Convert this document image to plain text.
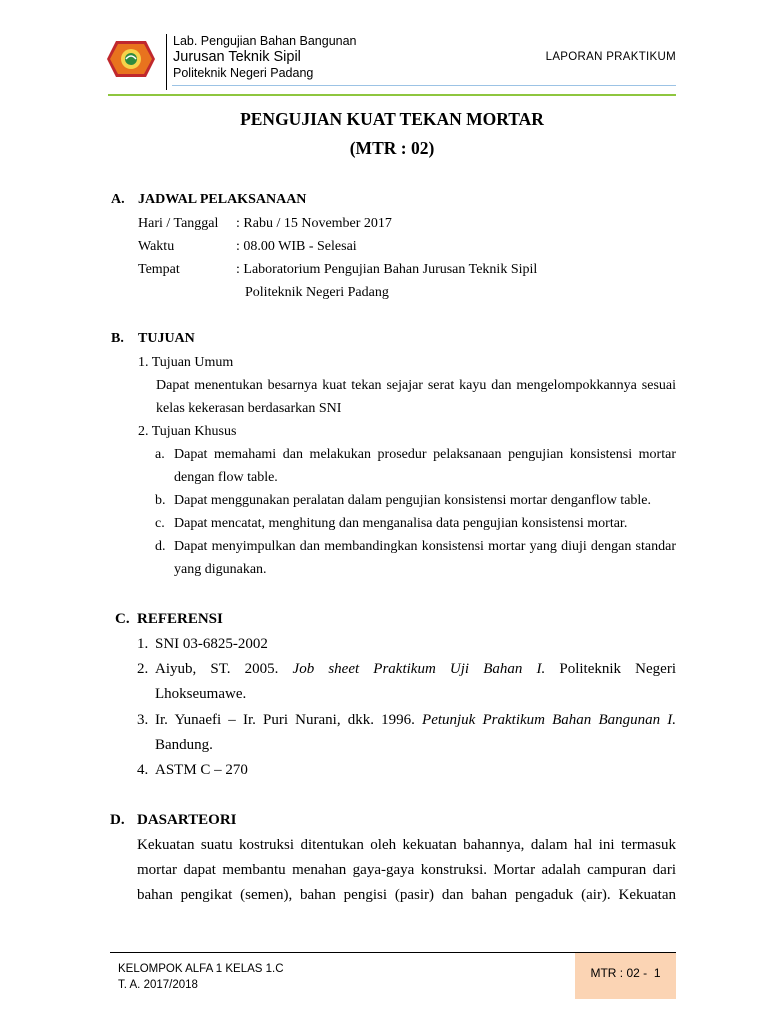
Lab. Pengujian Bahan Bangunan
Jurusan Teknik Sipil
Politeknik Negeri Padang
LAPORAN PRAKTIKUM
PENGUJIAN KUAT TEKAN MORTAR
(MTR : 02)
A. JADWAL PELAKSANAAN
Hari / Tanggal : Rabu / 15 November 2017
Waktu	: 08.00 WIB - Selesai
Tempat	: Laboratorium Pengujian Bahan Jurusan Teknik Sipil
Politeknik Negeri Padang
B. TUJUAN
1. Tujuan Umum
Dapat menentukan besarnya kuat tekan sejajar serat kayu dan mengelompokkannya sesuai
kelas kekerasan berdasarkan SNI
2. Tujuan Khusus
a. Dapat memahami dan melakukan prosedur pelaksanaan pengujian konsistensi mortar
dengan flow table.
b. Dapat menggunakan peralatan dalam pengujian konsistensi mortar denganflow table.
c. Dapat mencatat, menghitung dan menganalisa data pengujian konsistensi mortar.
d. Dapat menyimpulkan dan membandingkan konsistensi mortar yang diuji dengan standar
yang digunakan.
C. REFERENSI
1. SNI 03-6825-2002
2. Aiyub, ST. 2005. Job sheet Praktikum Uji Bahan I. Politeknik Negeri
Lhokseumawe.
3. Ir. Yunaefi – Ir. Puri Nurani, dkk. 1996. Petunjuk Praktikum Bahan Bangunan I.
Bandung.
4. ASTM C – 270
D. DASARTEORI
Kekuatan suatu kostruksi ditentukan oleh kekuatan bahannya, dalam hal ini termasuk
mortar dapat membantu menahan gaya-gaya konstruksi. Mortar adalah campuran dari
bahan pengikat (semen), bahan pengisi (pasir) dan bahan pengaduk (air). Kekuatan
KELOMPOK ALFA 1 KELAS 1.C
T. A. 2017/2018
MTR : 02 -  1
